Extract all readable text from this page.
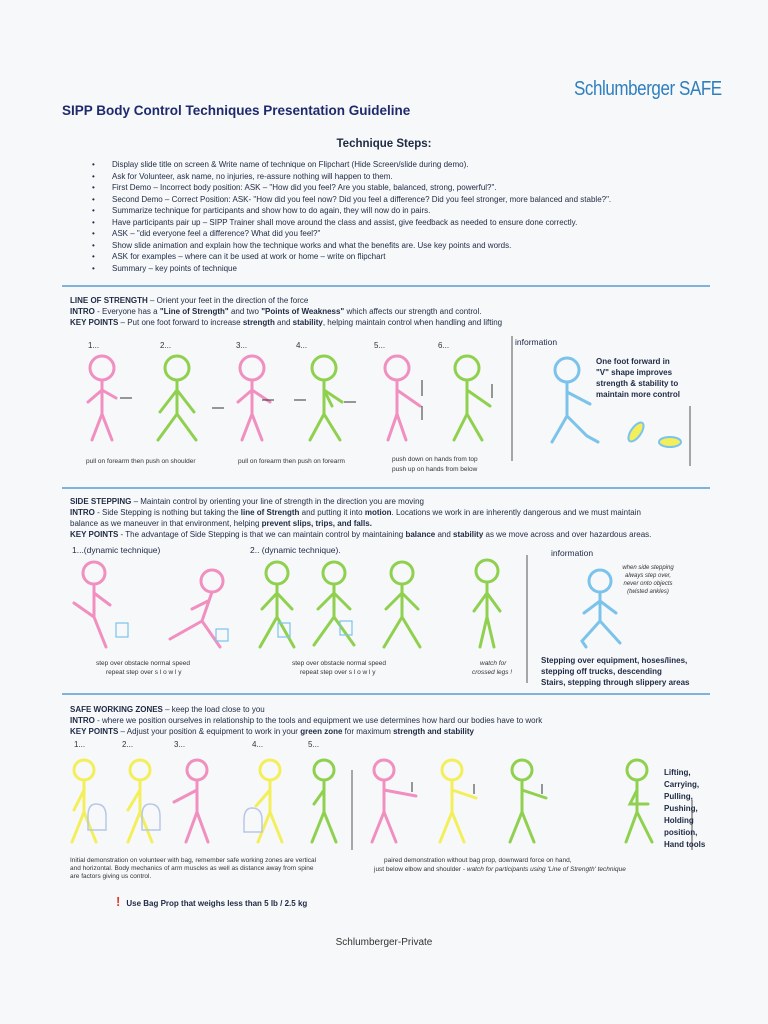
Schlumberger SAFE
SIPP Body Control Techniques Presentation Guideline
Technique Steps:
• Display slide title on screen & Write name of technique on Flipchart (Hide Screen/slide during demo).
• Ask for Volunteer, ask name, no injuries, re-assure nothing will happen to them.
• First Demo – Incorrect body position: ASK – "How did you feel? Are you stable, balanced, strong, powerful?".
• Second Demo – Correct Position: ASK- "How did you feel now? Did you feel a difference? Did you feel stronger, more balanced and stable?".
• Summarize technique for participants and show how to do again, they will now do in pairs.
• Have participants pair up – SIPP Trainer shall move around the class and assist, give feedback as needed to ensure done correctly.
• ASK – "did everyone feel a difference? What did you feel?"
• Show slide animation and explain how the technique works and what the benefits are. Use key points and words.
• ASK for examples – where can it be used at work or home – write on flipchart
• Summary – key points of technique

LINE OF STRENGTH – Orient your feet in the direction of the force

INTRO - Everyone has a "Line of Strength" and two "Points of Weakness" which affects our strength and control.

KEY POINTS – Put one foot forward to increase strength and stability, helping maintain control when handling and lifting

1...	2...	3...	4...	5...	6...
pull on forearm then push on shoulder	pull on forearm then push on forearm	push down on hands from top
push up on hands from below
information
One foot forward in
"V" shape improves
strength & stability to
maintain more control

SIDE STEPPING – Maintain control by orienting your line of strength in the direction you are moving

INTRO - Side Stepping is nothing but taking the line of Strength and putting it into motion. Locations we work in are inherently dangerous and we must maintain

balance as we maneuver in that environment, helping prevent slips, trips, and falls.

KEY POINTS - The advantage of Side Stepping is that we can maintain control by maintaining balance and stability as we move across and over hazardous areas.

1...(dynamic technique)	2.. (dynamic technique).
step over obstacle normal speed
repeat step over s l o w l y
step over obstacle normal speed
repeat step over s l o w l y
watch for
crossed legs !
information
when side stepping
always step over,
never onto objects
(twisted ankles)
Stepping over equipment, hoses/lines,
stepping off trucks, descending
Stairs, stepping through slippery areas

SAFE WORKING ZONES – keep the load close to you

INTRO - where we position ourselves in relationship to the tools and equipment we use determines how hard our bodies have to work

KEY POINTS – Adjust your position & equipment to work in your green zone for maximum strength and stability

1...	2...	3...	4...	5...
Initial demonstration on volunteer with bag, remember safe working zones are vertical
and horizontal. Body mechanics of arm muscles as well as distance away from spine
are factors giving us control.
paired demonstration without bag prop, downward force on hand,
just below elbow and shoulder - watch for participants using 'Line of Strength' technique
Lifting,
Carrying,
Pulling,
Pushing,
Holding
position,
Hand tools
! Use Bag Prop that weighs less than 5 lb / 2.5 kg
Schlumberger-Private
